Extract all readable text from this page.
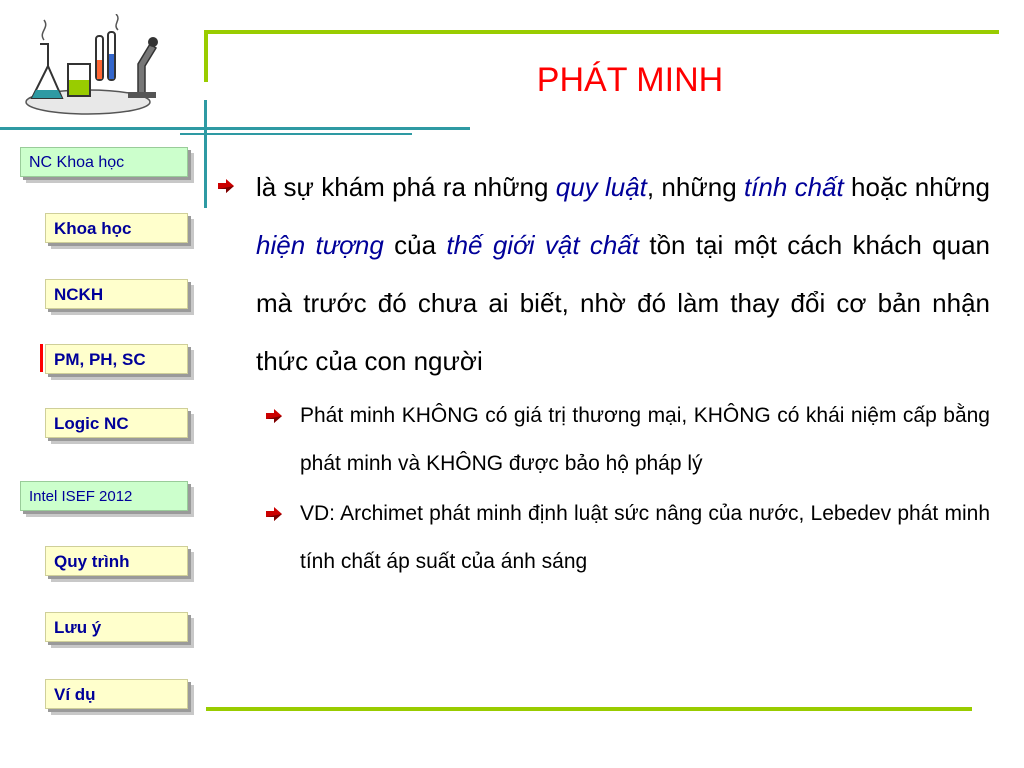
PHÁT MINH
NC Khoa học
Khoa học
NCKH
PM, PH, SC
Logic NC
Intel ISEF 2012
Quy trình
Lưu ý
Ví dụ
là sự khám phá ra những quy luật, những tính chất hoặc những hiện tượng của thế giới vật chất tồn tại một cách khách quan mà trước đó chưa ai biết, nhờ đó làm thay đổi cơ bản nhận thức của con người
Phát minh KHÔNG có giá trị thương mại, KHÔNG có khái niệm cấp bằng phát minh và KHÔNG được bảo hộ pháp lý
VD: Archimet phát minh định luật sức nâng của nước, Lebedev phát minh tính chất áp suất của ánh sáng
